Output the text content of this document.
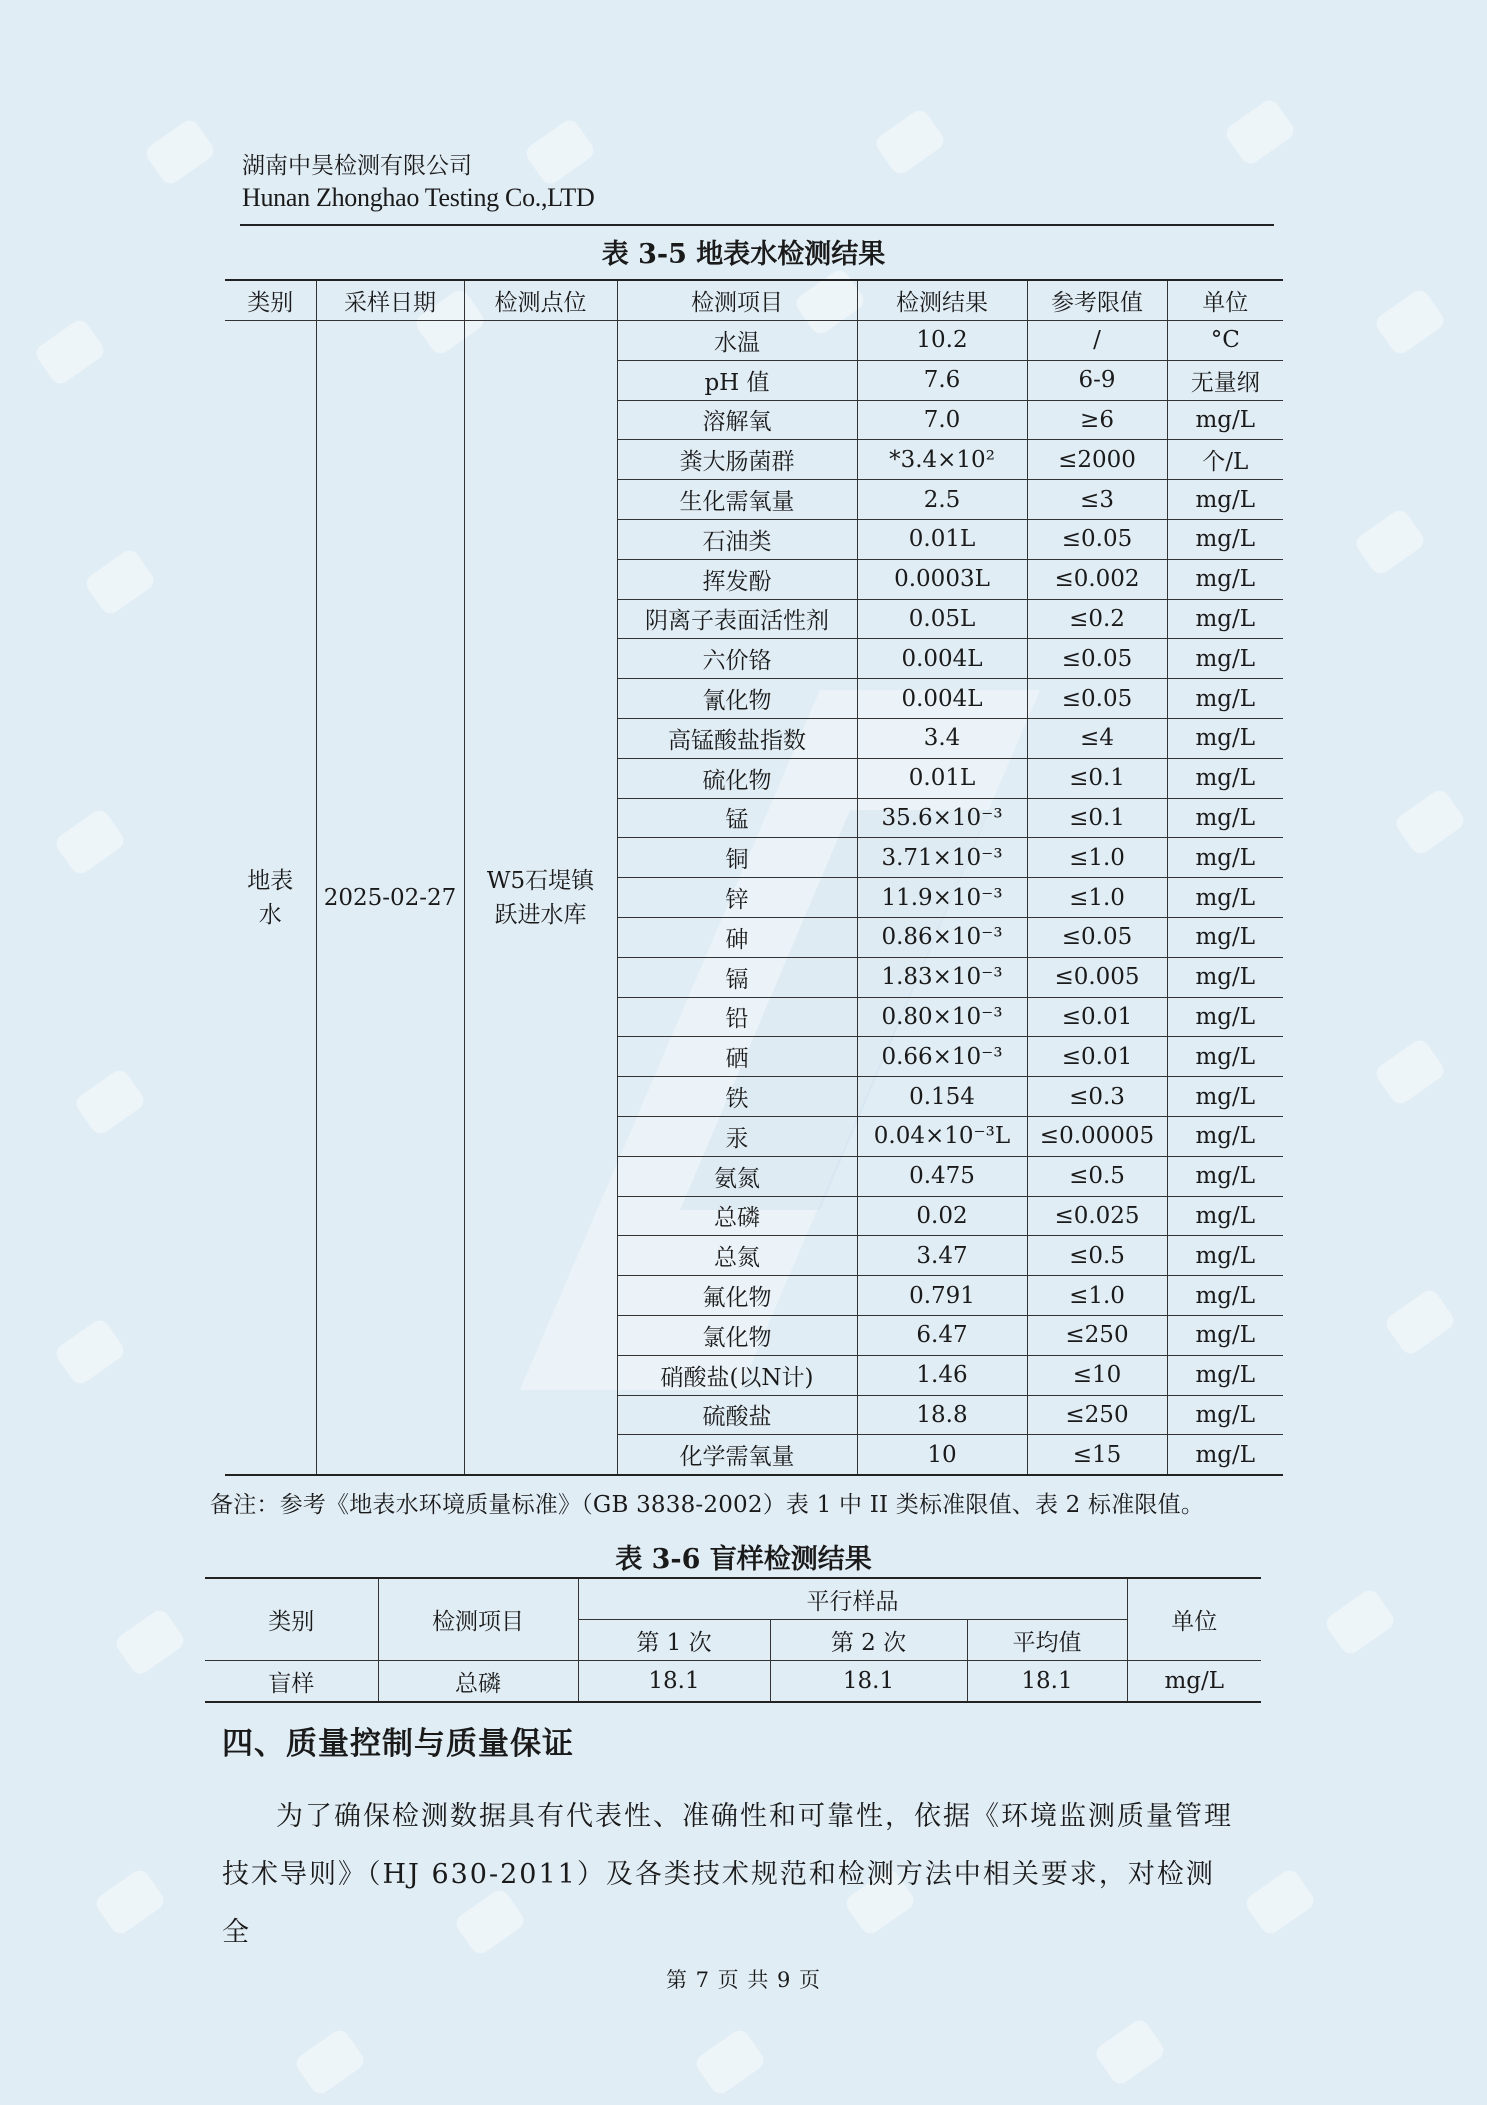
湖南中昊检测有限公司
Hunan Zhonghao Testing Co.,LTD
表 3-5 地表水检测结果
类别	采样日期	检测点位	检测项目	检测结果	参考限值	单位
地表水	2025-02-27	W5石堤镇跃进水库	水温	10.2	/	°C
			pH 值	7.6	6-9	无量纲
			溶解氧	7.0	≥6	mg/L
			粪大肠菌群	*3.4×10²	≤2000	个/L
			生化需氧量	2.5	≤3	mg/L
			石油类	0.01L	≤0.05	mg/L
			挥发酚	0.0003L	≤0.002	mg/L
			阴离子表面活性剂	0.05L	≤0.2	mg/L
			六价铬	0.004L	≤0.05	mg/L
			氰化物	0.004L	≤0.05	mg/L
			高锰酸盐指数	3.4	≤4	mg/L
			硫化物	0.01L	≤0.1	mg/L
			锰	35.6×10⁻³	≤0.1	mg/L
			铜	3.71×10⁻³	≤1.0	mg/L
			锌	11.9×10⁻³	≤1.0	mg/L
			砷	0.86×10⁻³	≤0.05	mg/L
			镉	1.83×10⁻³	≤0.005	mg/L
			铅	0.80×10⁻³	≤0.01	mg/L
			硒	0.66×10⁻³	≤0.01	mg/L
			铁	0.154	≤0.3	mg/L
			汞	0.04×10⁻³L	≤0.00005	mg/L
			氨氮	0.475	≤0.5	mg/L
			总磷	0.02	≤0.025	mg/L
			总氮	3.47	≤0.5	mg/L
			氟化物	0.791	≤1.0	mg/L
			氯化物	6.47	≤250	mg/L
			硝酸盐(以N计)	1.46	≤10	mg/L
			硫酸盐	18.8	≤250	mg/L
			化学需氧量	10	≤15	mg/L
备注：参考《地表水环境质量标准》（GB 3838-2002）表 1 中 II 类标准限值、表 2 标准限值。
表 3-6 盲样检测结果
类别	检测项目	平行样品			单位
		第 1 次	第 2 次	平均值	
盲样	总磷	18.1	18.1	18.1	mg/L
四、质量控制与质量保证
为了确保检测数据具有代表性、准确性和可靠性，依据《环境监测质量管理技术导则》（HJ 630-2011）及各类技术规范和检测方法中相关要求，对检测全
第 7 页 共 9 页
